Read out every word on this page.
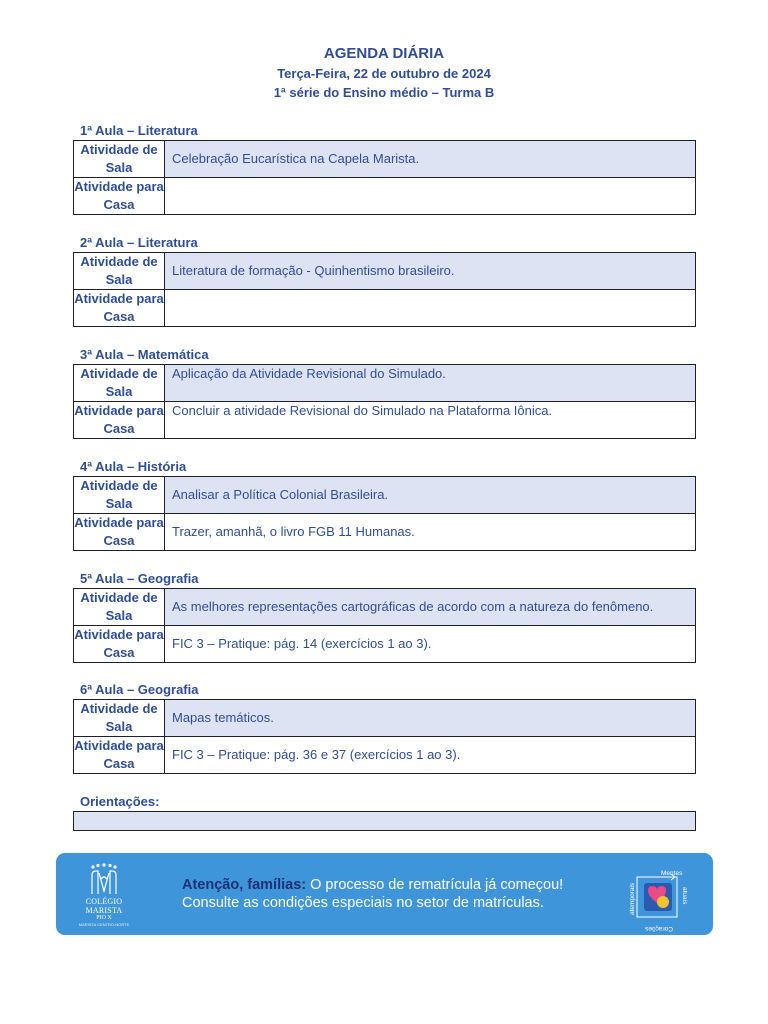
AGENDA DIÁRIA
Terça-Feira, 22 de outubro de 2024
1ª série do Ensino médio – Turma B
1ª Aula – Literatura
Atividade de Sala	Celebração Eucarística na Capela Marista.
Atividade para Casa	
2ª Aula – Literatura
Atividade de Sala	Literatura de formação - Quinhentismo brasileiro.
Atividade para Casa	
3ª Aula – Matemática
Atividade de Sala	Aplicação da Atividade Revisional do Simulado.
Atividade para Casa	Concluir a atividade Revisional do Simulado na Plataforma Iônica.
4ª Aula – História
Atividade de Sala	Analisar a Política Colonial Brasileira.
Atividade para Casa	Trazer, amanhã, o livro FGB 11 Humanas.
5ª Aula – Geografia
Atividade de Sala	As melhores representações cartográficas de acordo com a natureza do fenômeno.
Atividade para Casa	FIC 3 – Pratique: pág. 14 (exercícios 1 ao 3).
6ª Aula – Geografia
Atividade de Sala	Mapas temáticos.
Atividade para Casa	FIC 3 – Pratique: pág. 36 e 37 (exercícios 1 ao 3).
Orientações:
COLÉGIO MARISTA
PIO X
MARISTA CENTRO-NORTE
Atenção, famílias: O processo de rematrícula já começou!
Consulte as condições especiais no setor de matrículas.
Mentes
atuais
Corações
atemporais
